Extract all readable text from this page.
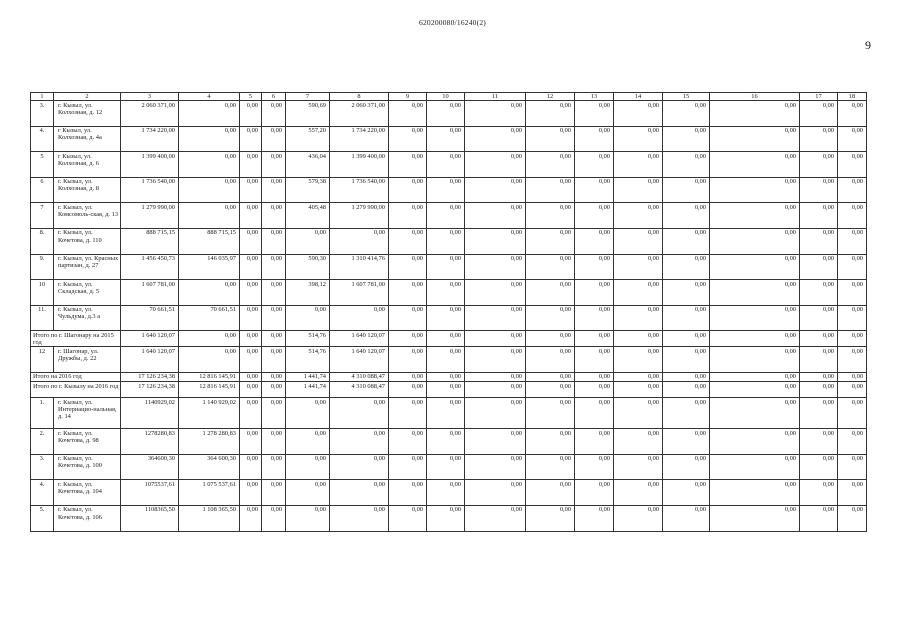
620200080/16240(2)
9
1	2	3	4	5	6	7	8	9	10	11	12	13	14	15	16	17	18
3.	г. Кызыл, ул. Колхозная, д. 12	2 060 371,00	0,00	0,00	0,00	590,69	2 060 371,00	0,00	0,00	0,00	0,00	0,00	0,00	0,00	0,00	0,00	0,00
4.	г Кызыл, ул. Колхозная, д. 4а	1 734 220,00	0,00	0,00	0,00	557,20	1 734 220,00	0,00	0,00	0,00	0,00	0,00	0,00	0,00	0,00	0,00	0,00
5	г Кызыл, ул. Колхозная, д. 6	1 399 400,00	0,00	0,00	0,00	436,04	1 399 400,00	0,00	0,00	0,00	0,00	0,00	0,00	0,00	0,00	0,00	0,00
6	г. Кызыл, ул. Колхозная, д. 8	1 736 540,00	0,00	0,00	0,00	579,38	1 736 540,00	0,00	0,00	0,00	0,00	0,00	0,00	0,00	0,00	0,00	0,00
7	г. Кызыл, ул. Комсомоль-ская, д. 13	1 279 990,00	0,00	0,00	0,00	405,48	1 279 990,00	0,00	0,00	0,00	0,00	0,00	0,00	0,00	0,00	0,00	0,00
8.	г. Кызыл, ул. Кочетова, д. 110	888 715,15	888 715,15	0,00	0,00	0,00	0,00	0,00	0,00	0,00	0,00	0,00	0,00	0,00	0,00	0,00	0,00
9.	г. Кызыл, ул. Красных партизан, д. 27	1 456 450,73	146 035,97	0,00	0,00	590,30	1 310 414,76	0,00	0,00	0,00	0,00	0,00	0,00	0,00	0,00	0,00	0,00
10	г. Кызыл, ул. Складская, д. 5	1 607 781,00	0,00	0,00	0,00	398,12	1 607 781,00	0,00	0,00	0,00	0,00	0,00	0,00	0,00	0,00	0,00	0,00
11.	г. Кызыл, ул. Чульдума, д.3 а	70 661,51	70 661,51	0,00	0,00	0,00	0,00	0,00	0,00	0,00	0,00	0,00	0,00	0,00	0,00	0,00	0,00
Итого по г. Шагонару на 2015 год		1 640 120,07	0,00	0,00	0,00	514,76	1 640 120,07	0,00	0,00	0,00	0,00	0,00	0,00	0,00	0,00	0,00	0,00
12	г. Шагонар, ул. Дружбы, д. 22	1 640 120,07	0,00	0,00	0,00	514,76	1 640 120,07	0,00	0,00	0,00	0,00	0,00	0,00	0,00	0,00	0,00	0,00
Итого на 2016 год		17 126 234,38	12 816 145,91	0,00	0,00	1 441,74	4 310 088,47	0,00	0,00	0,00	0,00	0,00	0,00	0,00	0,00	0,00	0,00
Итого по г. Кызылу на 2016 год		17 126 234,38	12 816 145,91	0,00	0,00	1 441,74	4 310 088,47	0,00	0,00	0,00	0,00	0,00	0,00	0,00	0,00	0,00	0,00
1.	г. Кызыл, ул. Интернацио-нальная, д. 14	1140929,02	1 140 929,02	0,00	0,00	0,00	0,00	0,00	0,00	0,00	0,00	0,00	0,00	0,00	0,00	0,00	0,00
2.	г. Кызыл, ул. Кочетова, д. 98	1278280,83	1 278 280,83	0,00	0,00	0,00	0,00	0,00	0,00	0,00	0,00	0,00	0,00	0,00	0,00	0,00	0,00
3.	г. Кызыл, ул. Кочетова, д. 100	364600,30	364 600,30	0,00	0,00	0,00	0,00	0,00	0,00	0,00	0,00	0,00	0,00	0,00	0,00	0,00	0,00
4.	г. Кызыл, ул. Кочетова, д. 104	1075537,61	1 075 537,61	0,00	0,00	0,00	0,00	0,00	0,00	0,00	0,00	0,00	0,00	0,00	0,00	0,00	0,00
5.	г. Кызыл, ул. Кочетова, д. 106	1108365,50	1 108 365,50	0,00	0,00	0,00	0,00	0,00	0,00	0,00	0,00	0,00	0,00	0,00	0,00	0,00	0,00
